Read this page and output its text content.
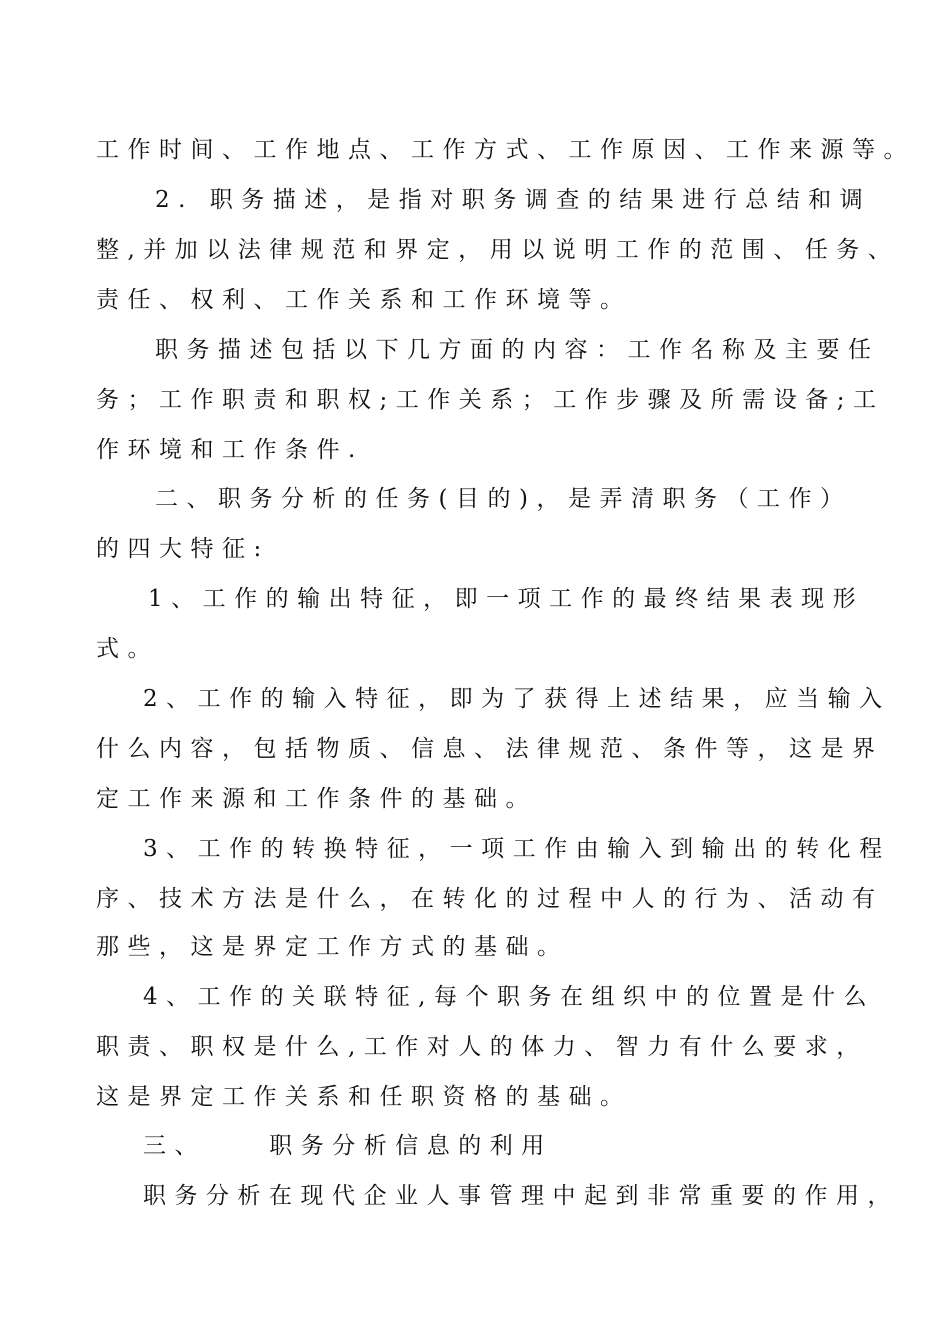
工作时间、工作地点、工作方式、工作原因、工作来源等。
2. 职务描述，是指对职务调查的结果进行总结和调
整,并加以法律规范和界定，用以说明工作的范围、任务、
责任、权利、工作关系和工作环境等。
职务描述包括以下几方面的内容：工作名称及主要任
务；工作职责和职权;工作关系；工作步骤及所需设备;工
作环境和工作条件.
二、职务分析的任务(目的)，是弄清职务（工作）
的四大特征:
1、工作的输出特征，即一项工作的最终结果表现形
式。
2、工作的输入特征，即为了获得上述结果，应当输入
什么内容，包括物质、信息、法律规范、条件等，这是界
定工作来源和工作条件的基础。
3、工作的转换特征，一项工作由输入到输出的转化程
序、技术方法是什么，在转化的过程中人的行为、活动有
那些，这是界定工作方式的基础。
4、工作的关联特征,每个职务在组织中的位置是什么
职责、职权是什么,工作对人的体力、智力有什么要求，
这是界定工作关系和任职资格的基础。
三、    职务分析信息的利用
职务分析在现代企业人事管理中起到非常重要的作用，
